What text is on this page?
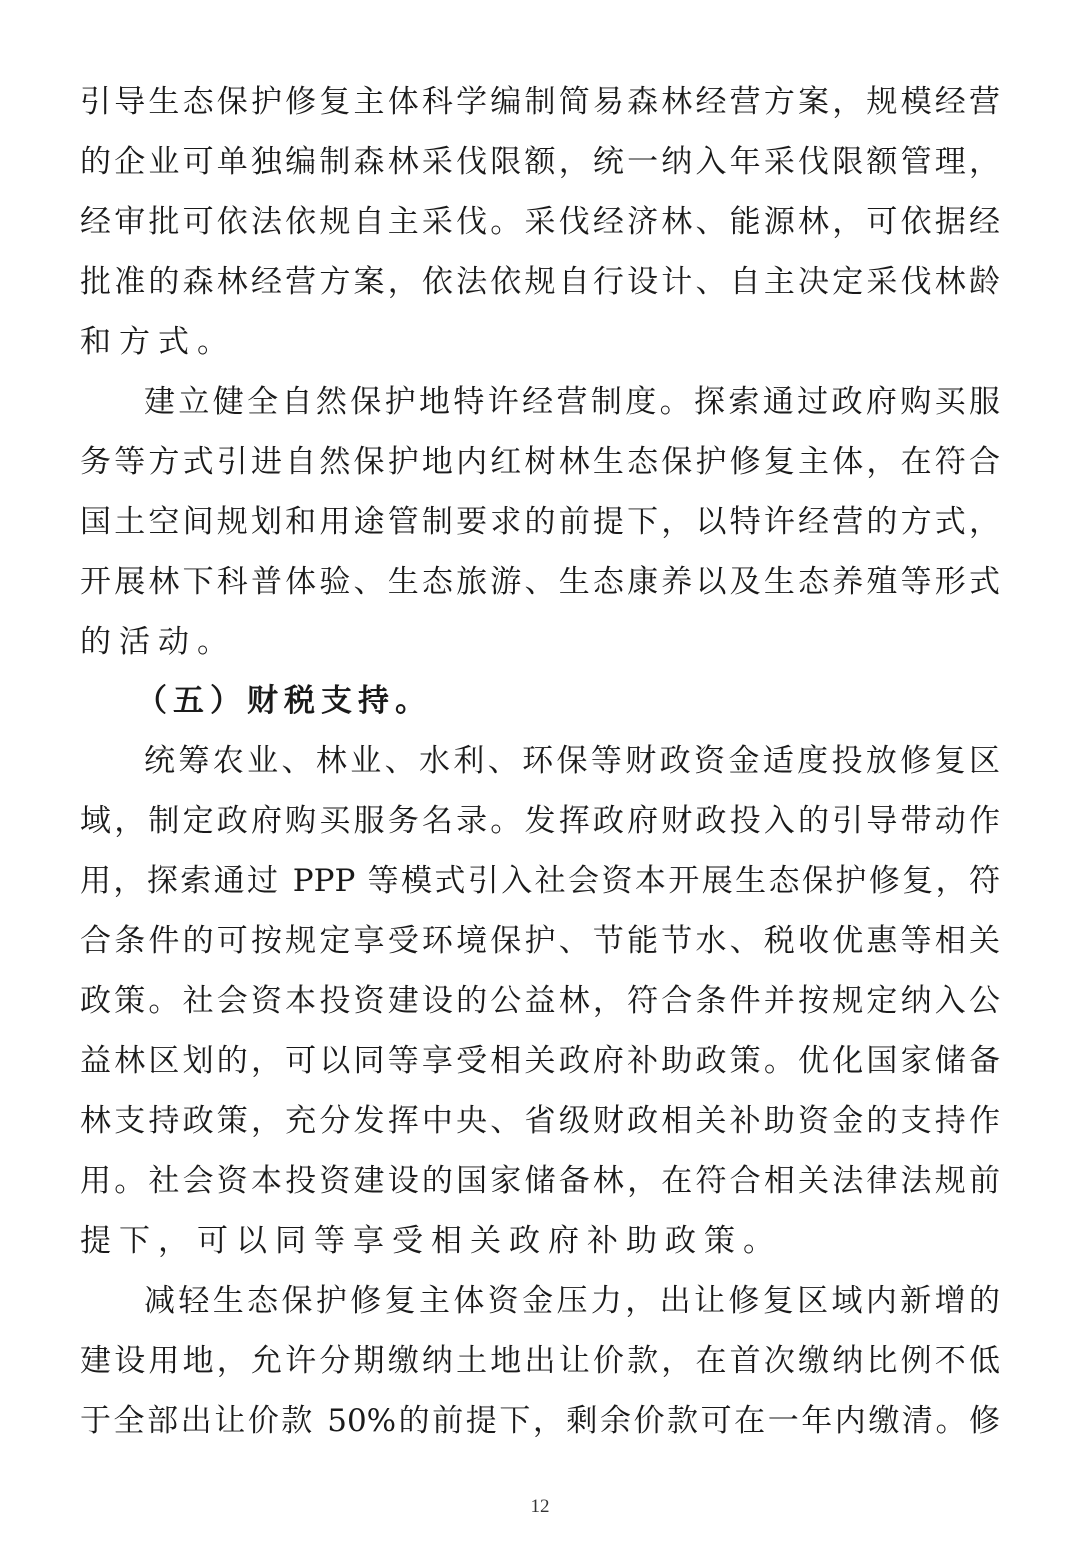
引导生态保护修复主体科学编制简易森林经营方案，规模经营
的企业可单独编制森林采伐限额，统一纳入年采伐限额管理，
经审批可依法依规自主采伐。采伐经济林、能源林，可依据经
批准的森林经营方案，依法依规自行设计、自主决定采伐林龄
和方式。
建立健全自然保护地特许经营制度。探索通过政府购买服
务等方式引进自然保护地内红树林生态保护修复主体，在符合
国土空间规划和用途管制要求的前提下，以特许经营的方式，
开展林下科普体验、生态旅游、生态康养以及生态养殖等形式
的活动。
（五）财税支持。
统筹农业、林业、水利、环保等财政资金适度投放修复区
域，制定政府购买服务名录。发挥政府财政投入的引导带动作
用，探索通过 PPP 等模式引入社会资本开展生态保护修复，符
合条件的可按规定享受环境保护、节能节水、税收优惠等相关
政策。社会资本投资建设的公益林，符合条件并按规定纳入公
益林区划的，可以同等享受相关政府补助政策。优化国家储备
林支持政策，充分发挥中央、省级财政相关补助资金的支持作
用。社会资本投资建设的国家储备林，在符合相关法律法规前
提下，可以同等享受相关政府补助政策。
减轻生态保护修复主体资金压力，出让修复区域内新增的
建设用地，允许分期缴纳土地出让价款，在首次缴纳比例不低
于全部出让价款 50%的前提下，剩余价款可在一年内缴清。修
12
